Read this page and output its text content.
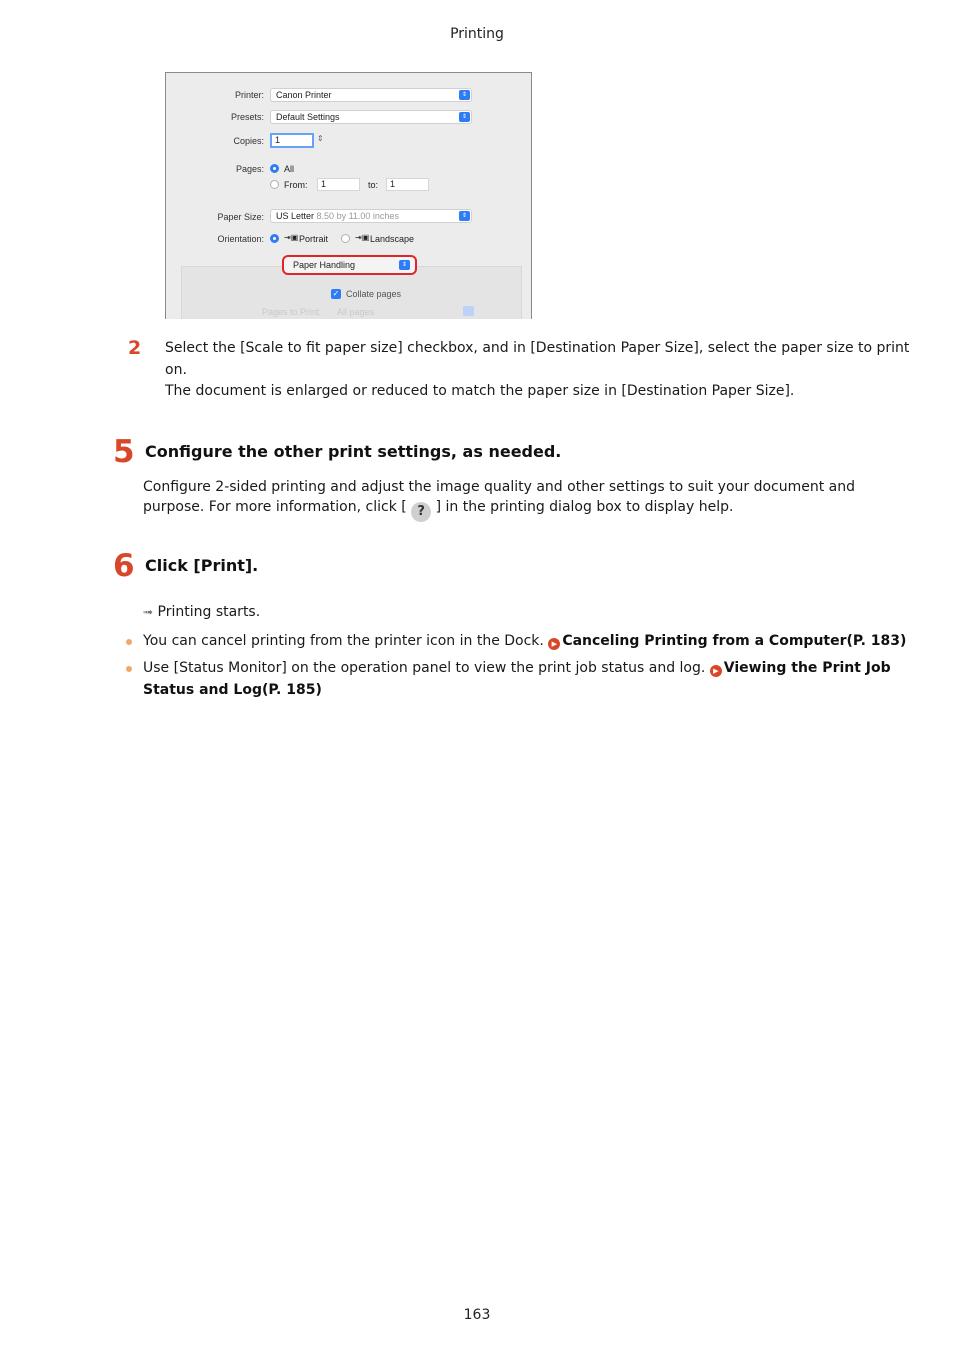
Printing
Printer:	Canon Printer	⇕
Presets:	Default Settings	⇕
Copies:	1	⇕
Pages: All
From:	1	to:	1
Paper Size:	US Letter 8.50 by 11.00 inches	⇕
Orientation:	⇥▣ Portrait	⇥▣ Landscape
Paper Handling	⇕
✓ Collate pages
Pages to Print: All pages
2 Select the [Scale to fit paper size] checkbox, and in [Destination Paper Size], select the paper size to print
on.
The document is enlarged or reduced to match the paper size in [Destination Paper Size].
5 Configure the other print settings, as needed.
Configure 2-sided printing and adjust the image quality and other settings to suit your document and
purpose. For more information, click [ ? ] in the printing dialog box to display help.
6 Click [Print].
➟ Printing starts.
You can cancel printing from the printer icon in the Dock. ▶ Canceling Printing from a Computer(P. 183)
Use [Status Monitor] on the operation panel to view the print job status and log. ▶ Viewing the Print Job
Status and Log(P. 185)
163
